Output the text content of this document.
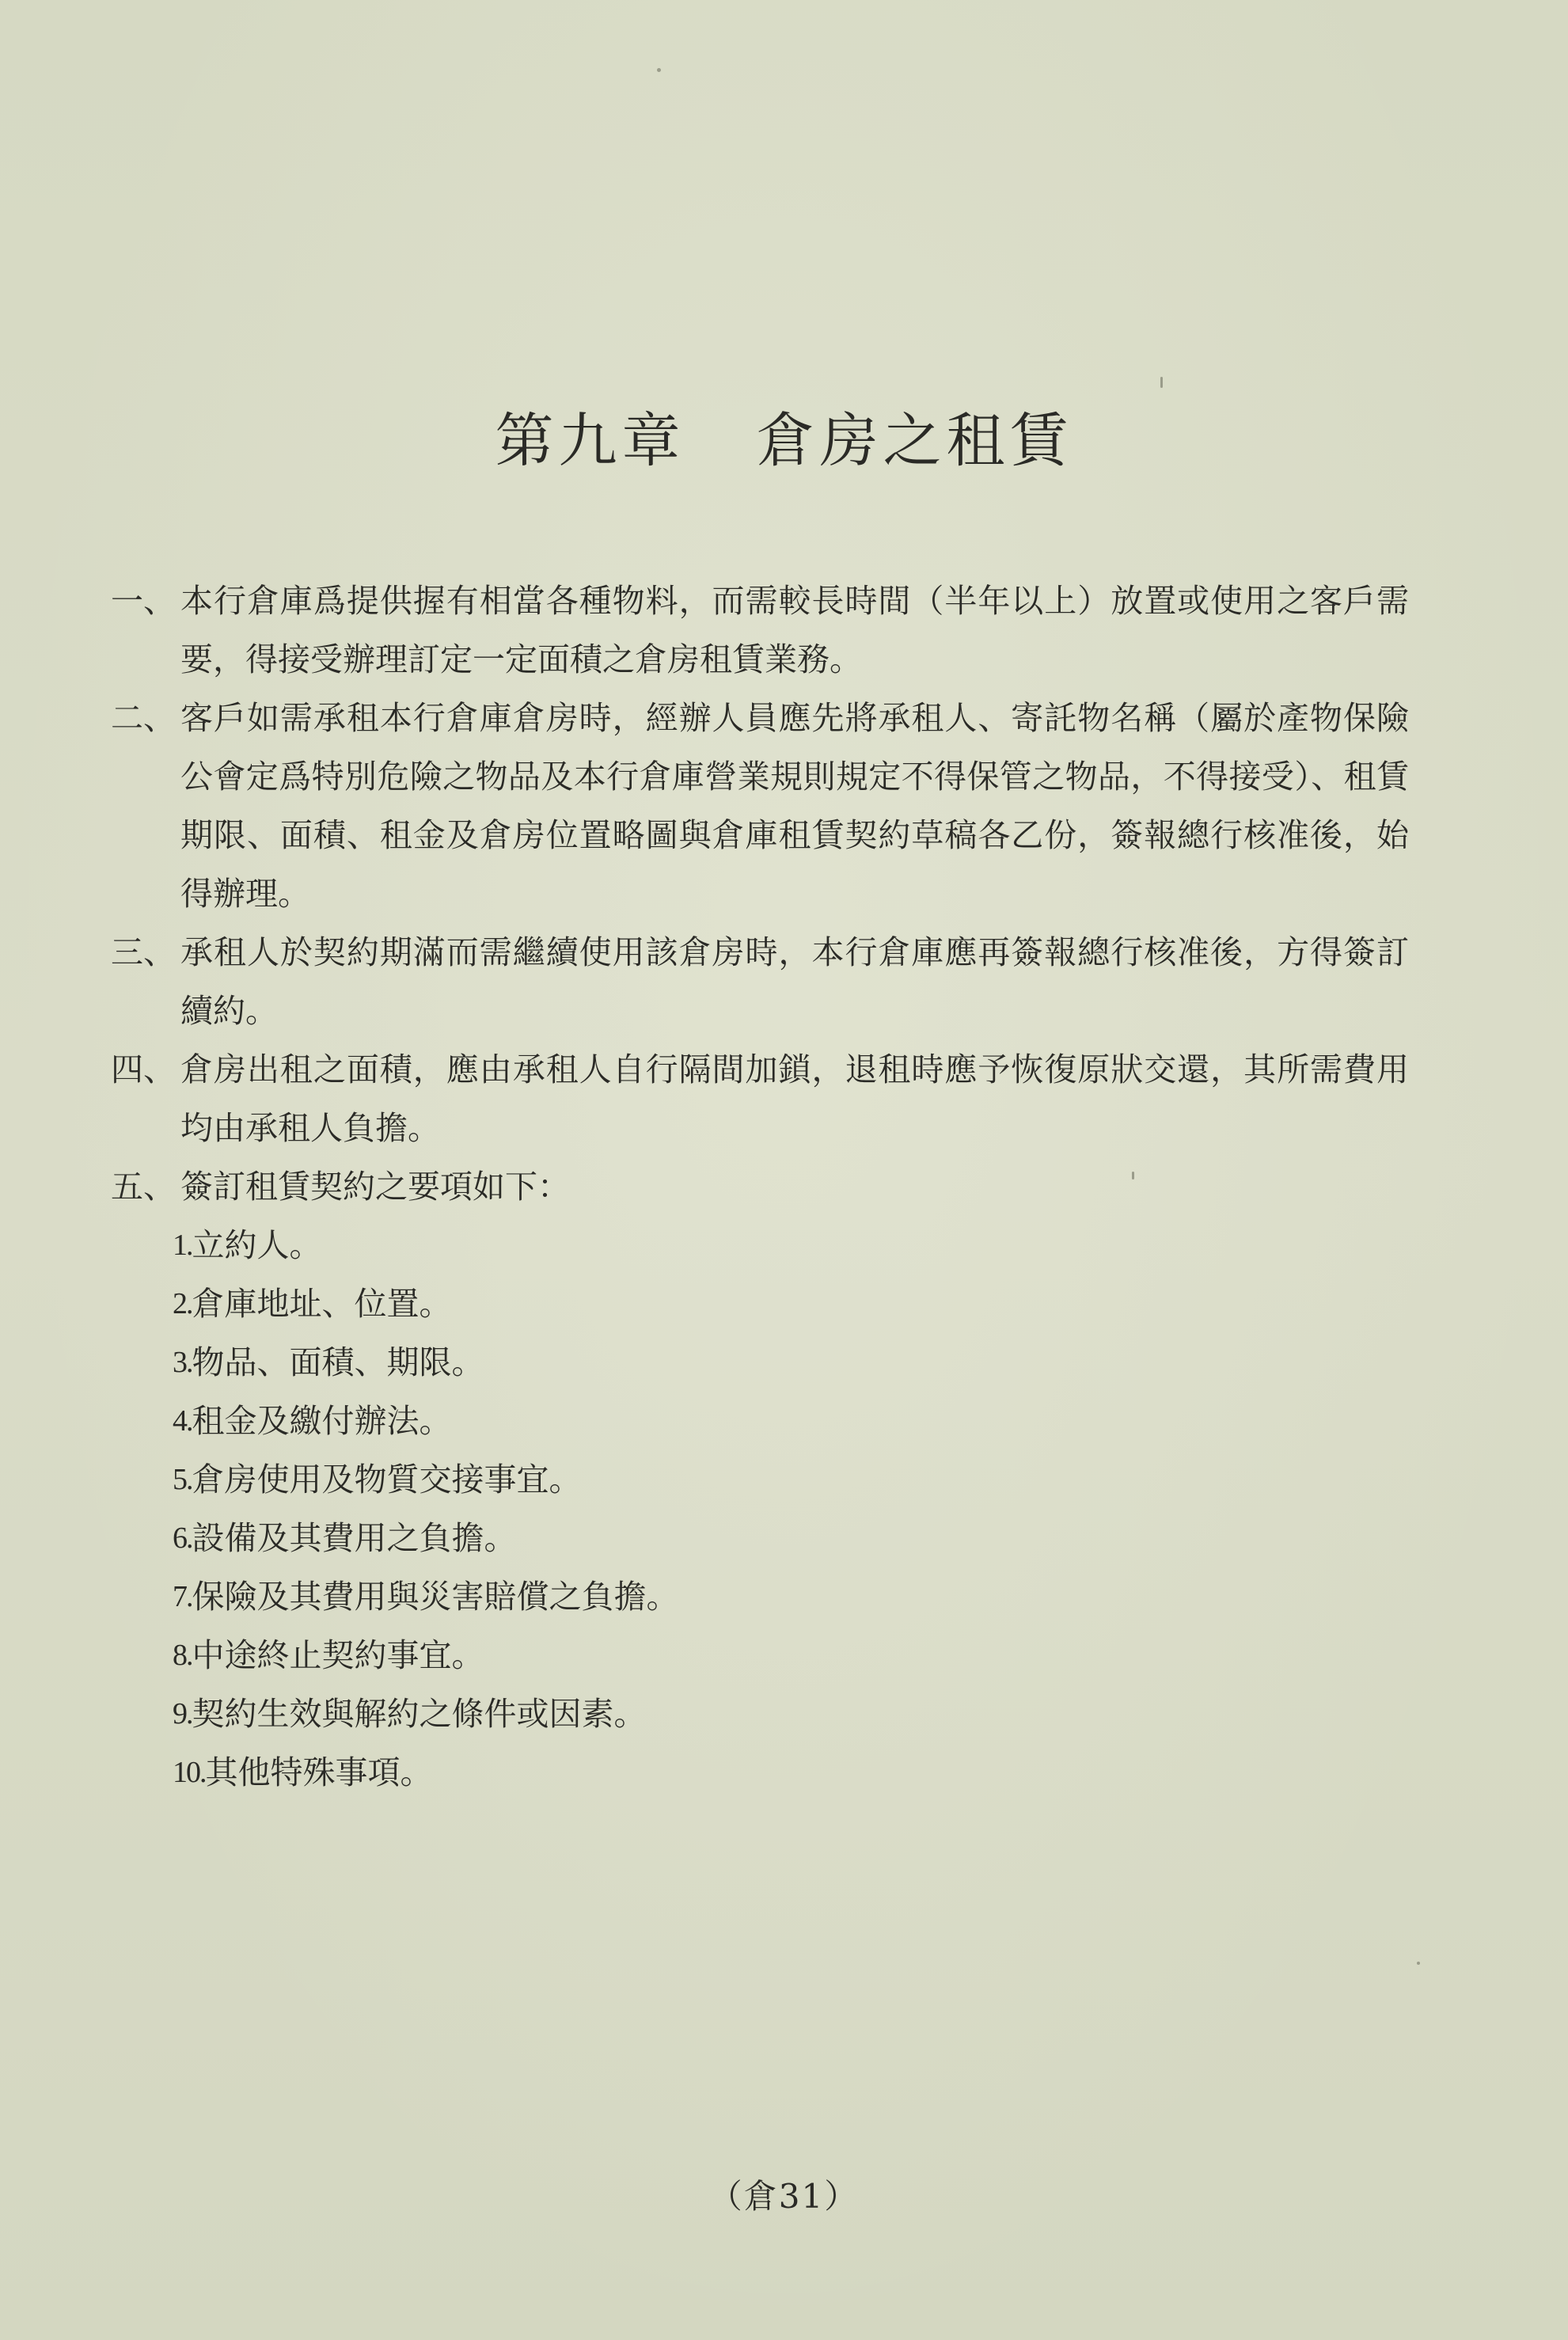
第九章 倉房之租賃
一、 本行倉庫爲提供握有相當各種物料，而需較長時間（半年以上）放置或使用之客戶需要，得接受辦理訂定一定面積之倉房租賃業務。
二、 客戶如需承租本行倉庫倉房時，經辦人員應先將承租人、寄託物名稱（屬於產物保險公會定爲特別危險之物品及本行倉庫營業規則規定不得保管之物品，不得接受）、租賃期限、面積、租金及倉房位置略圖與倉庫租賃契約草稿各乙份，簽報總行核准後，始得辦理。
三、 承租人於契約期滿而需繼續使用該倉房時，本行倉庫應再簽報總行核准後，方得簽訂續約。
四、 倉房出租之面積，應由承租人自行隔間加鎖，退租時應予恢復原狀交還，其所需費用均由承租人負擔。
五、 簽訂租賃契約之要項如下：
1. 立約人。
2. 倉庫地址、位置。
3. 物品、面積、期限。
4. 租金及繳付辦法。
5. 倉房使用及物質交接事宜。
6. 設備及其費用之負擔。
7. 保險及其費用與災害賠償之負擔。
8. 中途終止契約事宜。
9. 契約生效與解約之條件或因素。
10. 其他特殊事項。
（倉31）
